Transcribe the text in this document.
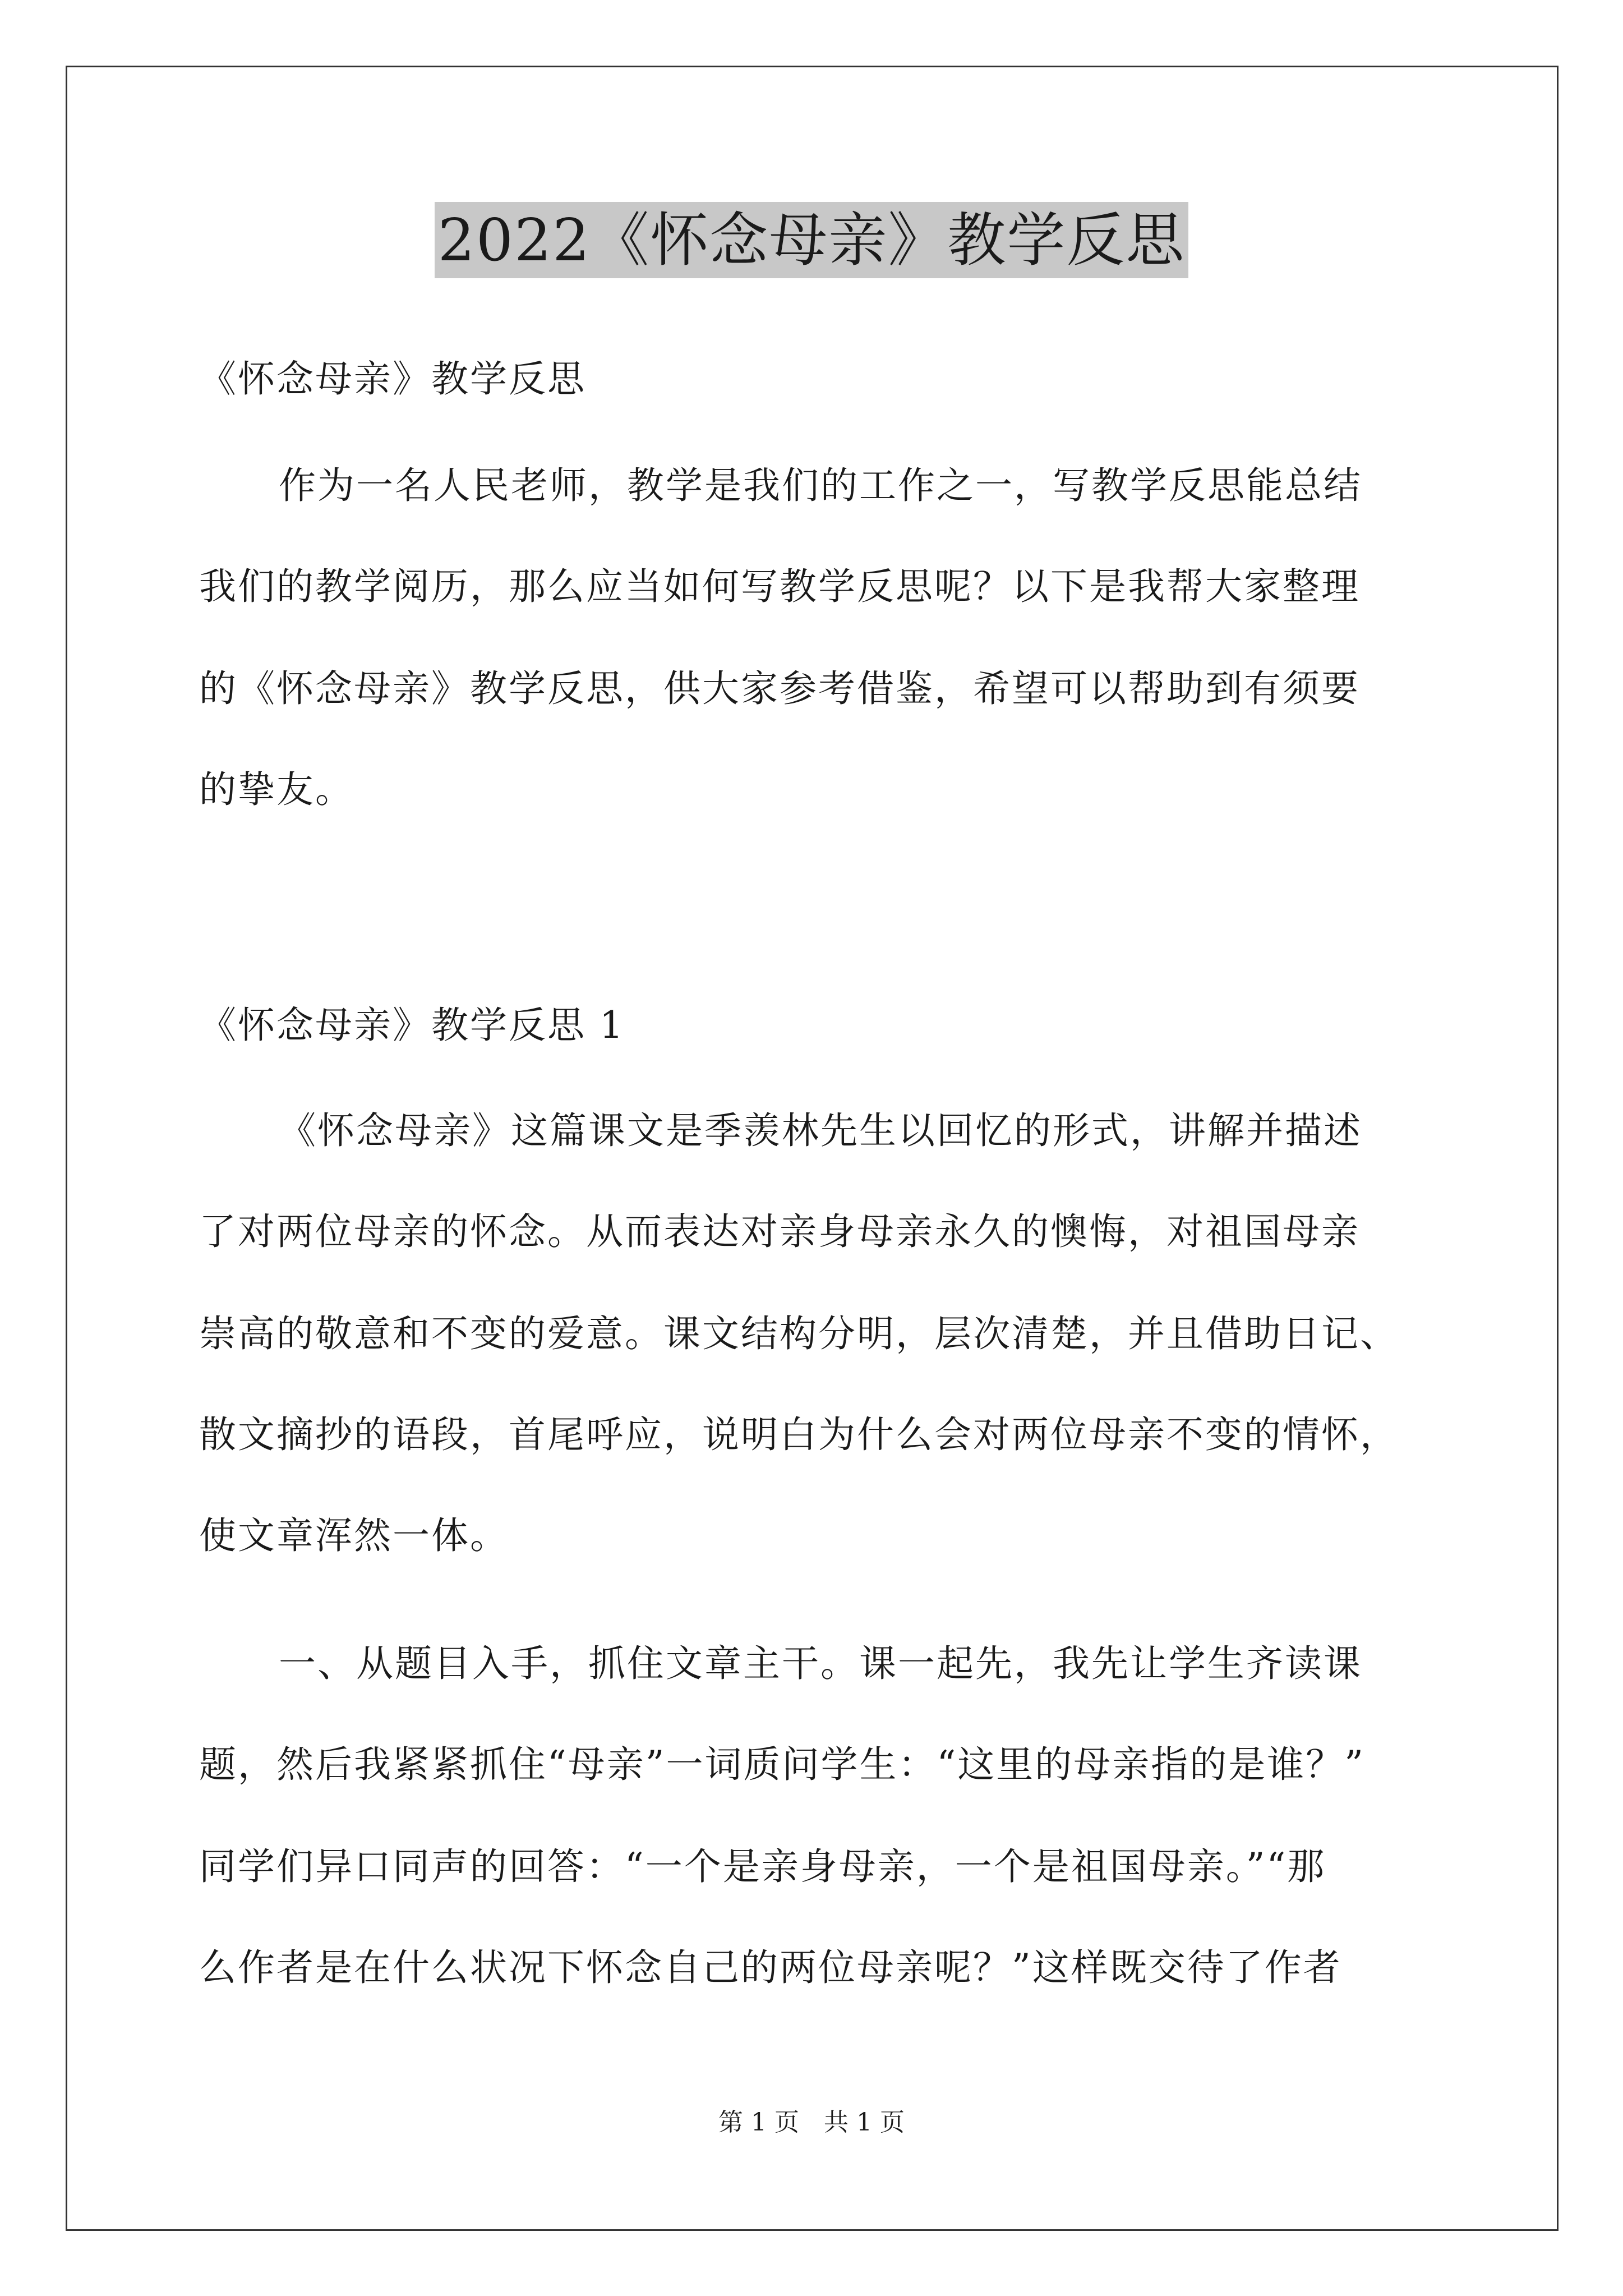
2022《怀念母亲》教学反思
《怀念母亲》教学反思
作为一名人民老师，教学是我们的工作之一，写教学反思能总结
我们的教学阅历，那么应当如何写教学反思呢？以下是我帮大家整理
的《怀念母亲》教学反思，供大家参考借鉴，希望可以帮助到有须要
的挚友。
《怀念母亲》教学反思 1
《怀念母亲》这篇课文是季羡林先生以回忆的形式，讲解并描述
了对两位母亲的怀念。从而表达对亲身母亲永久的懊悔，对祖国母亲
崇高的敬意和不变的爱意。课文结构分明，层次清楚，并且借助日记、
散文摘抄的语段，首尾呼应，说明白为什么会对两位母亲不变的情怀，
使文章浑然一体。
一、从题目入手，抓住文章主干。课一起先，我先让学生齐读课
题，然后我紧紧抓住“母亲”一词质问学生：“这里的母亲指的是谁？”
同学们异口同声的回答：“一个是亲身母亲，一个是祖国母亲。”“那
么作者是在什么状况下怀念自己的两位母亲呢？”这样既交待了作者
第 1 页　共 1 页
